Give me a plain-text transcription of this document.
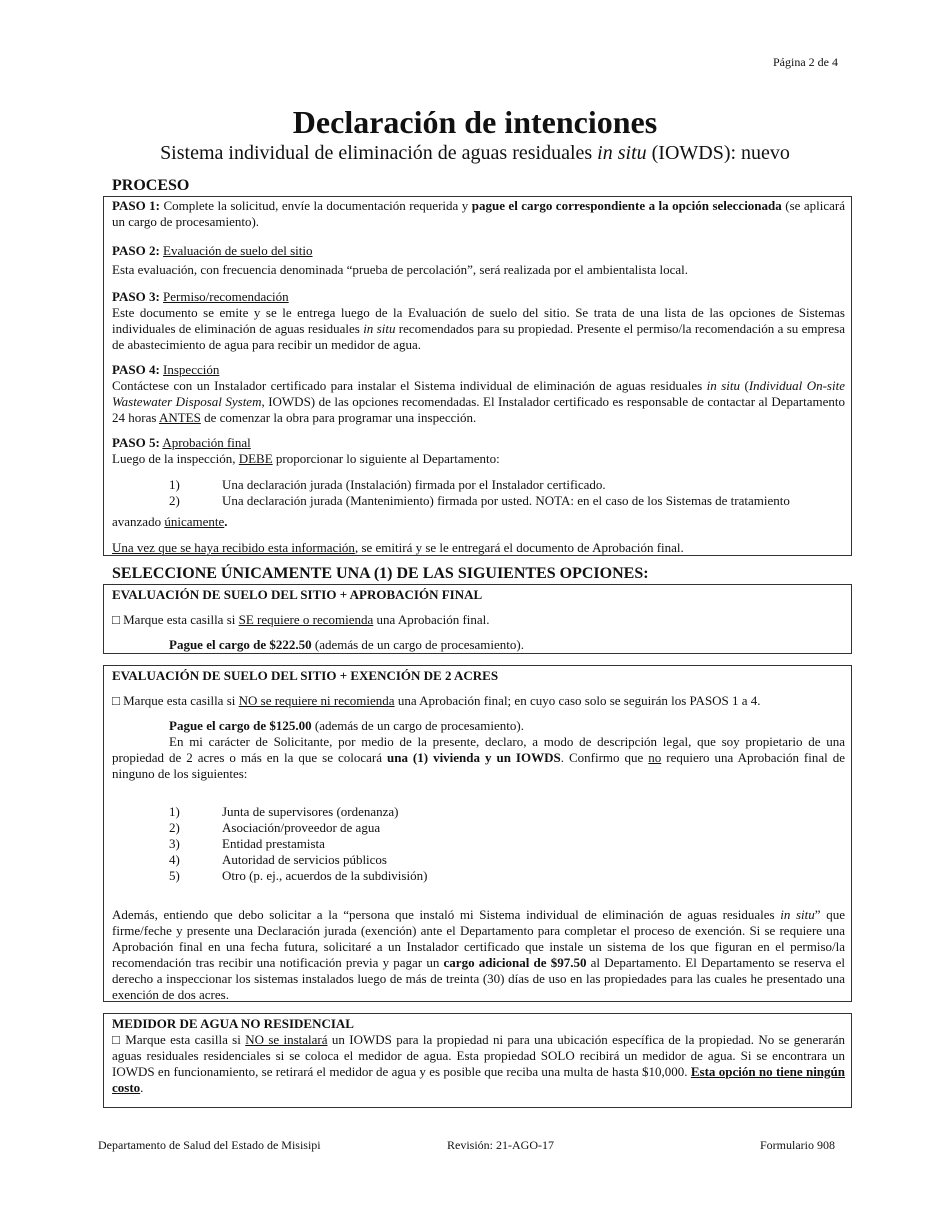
Página 2 de 4
Declaración de intenciones
Sistema individual de eliminación de aguas residuales in situ (IOWDS): nuevo
PROCESO

PASO 1: Complete la solicitud, envíe la documentación requerida y pague el cargo correspondiente a la opción seleccionada (se aplicará un cargo de procesamiento).

PASO 2: Evaluación de suelo del sitio

Esta evaluación, con frecuencia denominada “prueba de percolación”, será realizada por el ambientalista local.

PASO 3: Permiso/recomendación

Este documento se emite y se le entrega luego de la Evaluación de suelo del sitio. Se trata de una lista de las opciones de Sistemas individuales de eliminación de aguas residuales in situ recomendados para su propiedad. Presente el permiso/la recomendación a su empresa de abastecimiento de agua para recibir un medidor de agua.

PASO 4: Inspección

Contáctese con un Instalador certificado para instalar el Sistema individual de eliminación de aguas residuales in situ (Individual On-site Wastewater Disposal System, IOWDS) de las opciones recomendadas. El Instalador certificado es responsable de contactar al Departamento 24 horas ANTES de comenzar la obra para programar una inspección.

PASO 5: Aprobación final

Luego de la inspección, DEBE proporcionar lo siguiente al Departamento:

1)	Una declaración jurada (Instalación) firmada por el Instalador certificado.
2)	Una declaración jurada (Mantenimiento) firmada por usted. NOTA: en el caso de los Sistemas de tratamiento

avanzado únicamente.

Una vez que se haya recibido esta información, se emitirá y se le entregará el documento de Aprobación final.

SELECCIONE ÚNICAMENTE UNA (1) DE LAS SIGUIENTES OPCIONES:
EVALUACIÓN DE SUELO DEL SITIO + APROBACIÓN FINAL

□ Marque esta casilla si SE requiere o recomienda una Aprobación final.

Pague el cargo de $222.50 (además de un cargo de procesamiento).

EVALUACIÓN DE SUELO DEL SITIO + EXENCIÓN DE 2 ACRES

□ Marque esta casilla si NO se requiere ni recomienda una Aprobación final; en cuyo caso solo se seguirán los PASOS 1 a 4.

Pague el cargo de $125.00 (además de un cargo de procesamiento).

En mi carácter de Solicitante, por medio de la presente, declaro, a modo de descripción legal, que soy propietario de una propiedad de 2 acres o más en la que se colocará una (1) vivienda y un IOWDS. Confirmo que no requiero una Aprobación final de ninguno de los siguientes:

1)	Junta de supervisores (ordenanza)
2)	Asociación/proveedor de agua
3)	Entidad prestamista
4)	Autoridad de servicios públicos
5)	Otro (p. ej., acuerdos de la subdivisión)

Además, entiendo que debo solicitar a la “persona que instaló mi Sistema individual de eliminación de aguas residuales in situ” que firme/feche y presente una Declaración jurada (exención) ante el Departamento para completar el proceso de exención. Si se requiere una Aprobación final en una fecha futura, solicitaré a un Instalador certificado que instale un sistema de los que figuran en el permiso/la recomendación tras recibir una notificación previa y pagar un cargo adicional de $97.50 al Departamento. El Departamento se reserva el derecho a inspeccionar los sistemas instalados luego de más de treinta (30) días de uso en las propiedades para las cuales he presentado una exención de dos acres.

MEDIDOR DE AGUA NO RESIDENCIAL

□ Marque esta casilla si NO se instalará un IOWDS para la propiedad ni para una ubicación específica de la propiedad. No se generarán aguas residuales residenciales si se coloca el medidor de agua. Esta propiedad SOLO recibirá un medidor de agua. Si se encontrara un IOWDS en funcionamiento, se retirará el medidor de agua y es posible que reciba una multa de hasta $10,000. Esta opción no tiene ningún costo.

Departamento de Salud del Estado de Misisipi	Revisión: 21-AGO-17	Formulario 908
